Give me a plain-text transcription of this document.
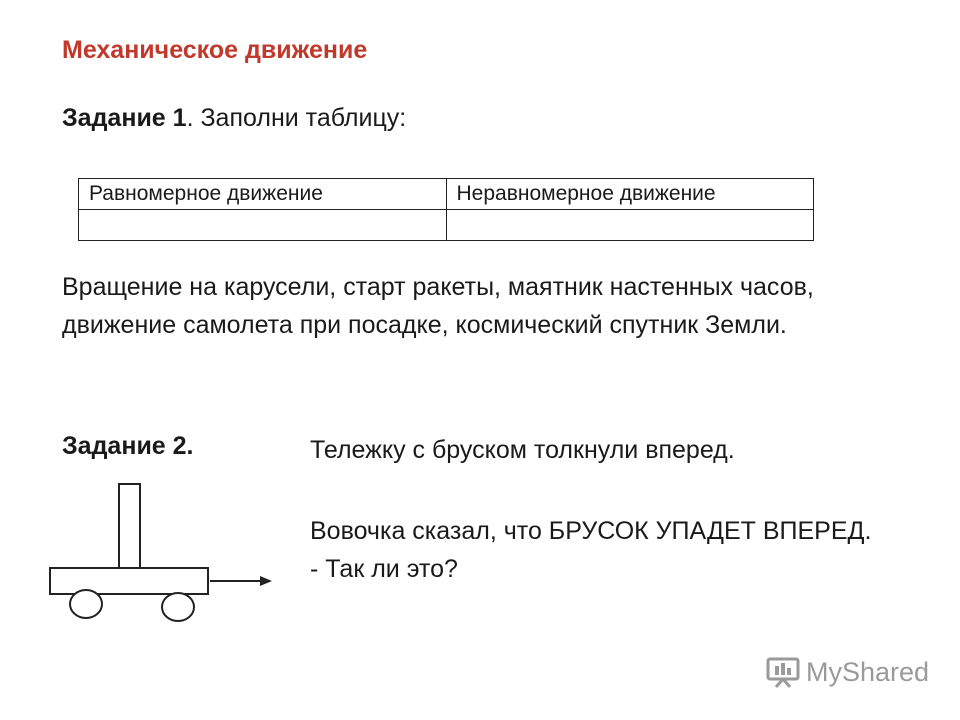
Механическое движение
Задание 1. Заполни таблицу:
Равномерное движение	Неравномерное движение

Вращение на карусели, старт ракеты, маятник настенных часов, движение самолета при посадке, космический спутник Земли.
Задание 2.	Тележку с бруском толкнули вперед.
Вовочка сказал, что БРУСОК УПАДЕТ ВПЕРЕД.
- Так ли это?
MyShared
